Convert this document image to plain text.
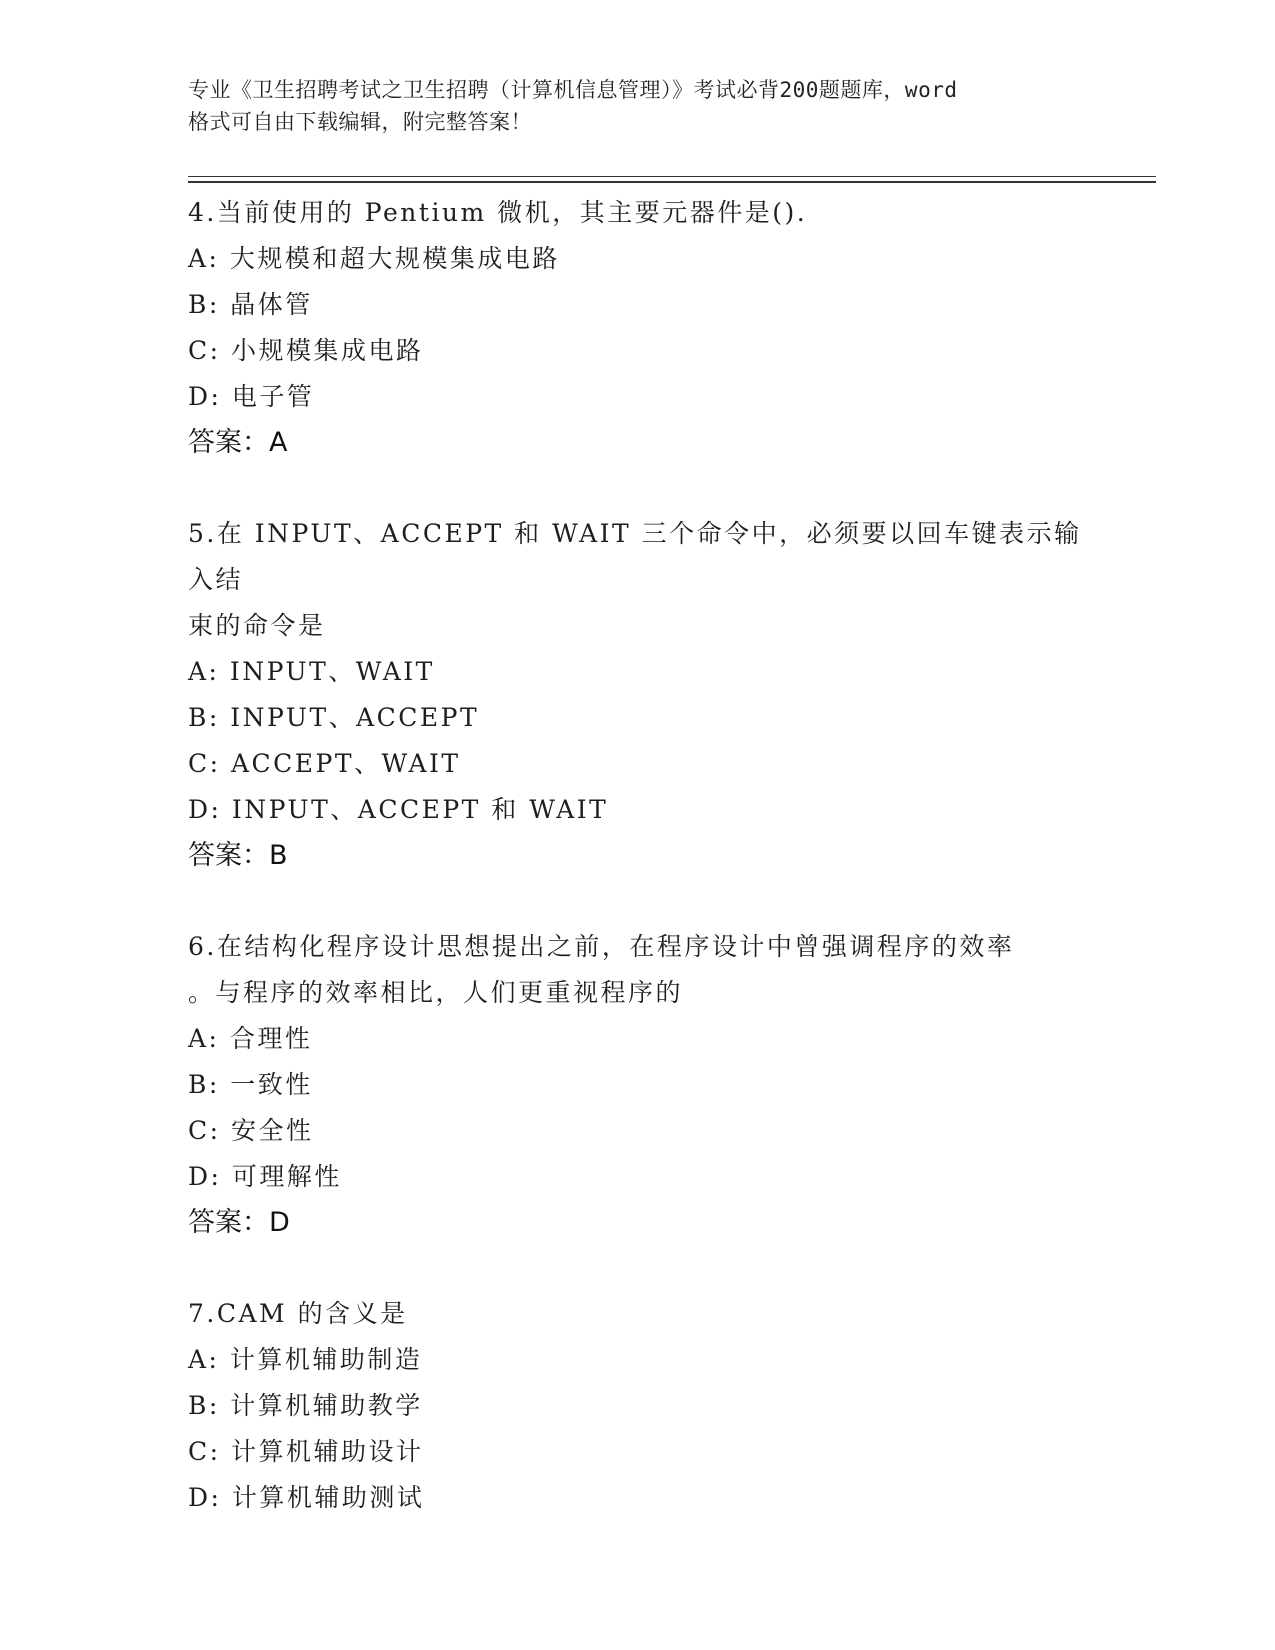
专业《卫生招聘考试之卫生招聘（计算机信息管理）》考试必背200题题库，word

格式可自由下载编辑，附完整答案！

4.当前使用的 Pentium 微机，其主要元器件是().

A: 大规模和超大规模集成电路

B: 晶体管

C: 小规模集成电路

D: 电子管

答案：A

5.在 INPUT、ACCEPT 和 WAIT 三个命令中，必须要以回车键表示输入结

束的命令是

A: INPUT、WAIT

B: INPUT、ACCEPT

C: ACCEPT、WAIT

D: INPUT、ACCEPT 和 WAIT

答案：B

6.在结构化程序设计思想提出之前，在程序设计中曾强调程序的效率

。与程序的效率相比，人们更重视程序的

A: 合理性

B: 一致性

C: 安全性

D: 可理解性

答案：D

7.CAM 的含义是

A: 计算机辅助制造

B: 计算机辅助教学

C: 计算机辅助设计

D: 计算机辅助测试
